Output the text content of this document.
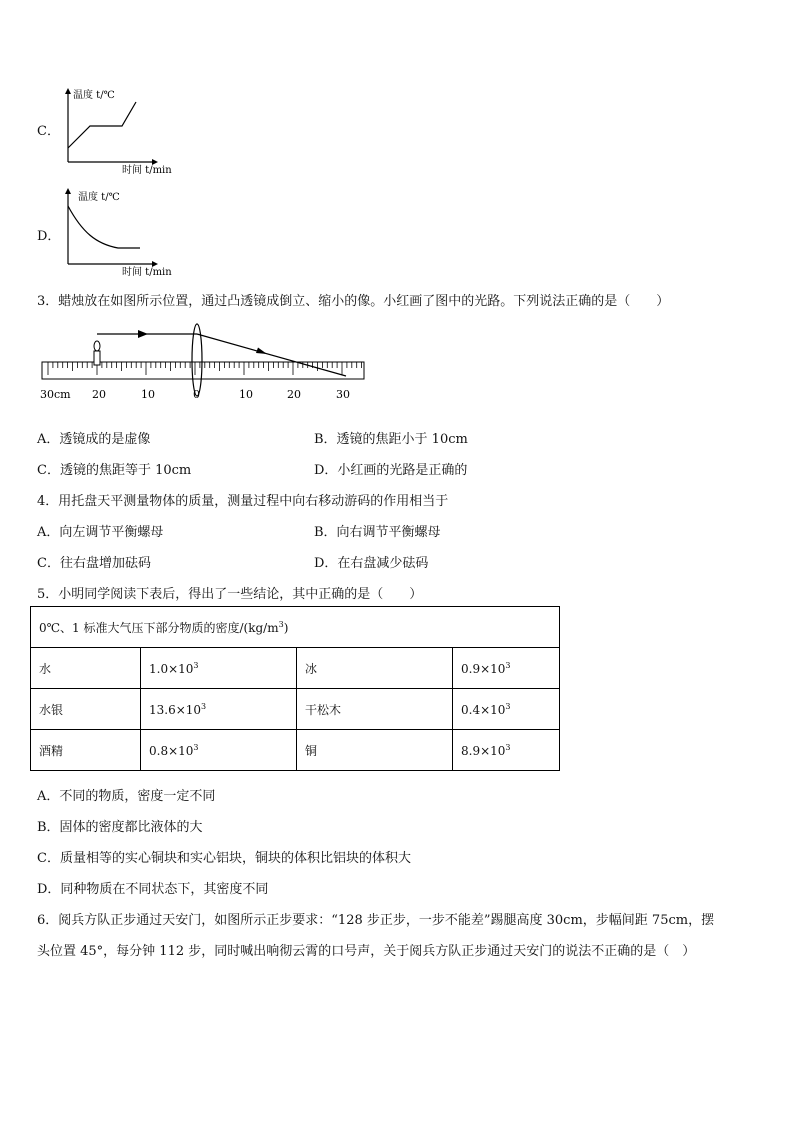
C．
温度 t/℃
时间 t/min
D．
温度 t/℃
时间 t/min
3．蜡烛放在如图所示位置，通过凸透镜成倒立、缩小的像。小红画了图中的光路。下列说法正确的是（　　）
30cm 20	10	0	10	20	30
A．透镜成的是虚像	B．透镜的焦距小于 10cm
C．透镜的焦距等于 10cm	D．小红画的光路是正确的
4．用托盘天平测量物体的质量，测量过程中向右移动游码的作用相当于
A．向左调节平衡螺母	B．向右调节平衡螺母
C．往右盘增加砝码	D．在右盘减少砝码
5．小明同学阅读下表后，得出了一些结论，其中正确的是（　　）
0℃、1 标准大气压下部分物质的密度$/(kg/m^3)$			
水	$1.0\times 10^3$	冰	$0.9\times 10^3$
水银	$13.6\times 10^3$	干松木	$0.4\times 10^3$
酒精	$0.8\times 10^3$	铜	$8.9\times 10^3$
A．不同的物质，密度一定不同
B．固体的密度都比液体的大
C．质量相等的实心铜块和实心铝块，铜块的体积比铝块的体积大
D．同种物质在不同状态下，其密度不同
6．阅兵方队正步通过天安门，如图所示正步要求：“128 步正步，一步不能差”踢腿高度 30cm，步幅间距 75cm，摆
头位置 45°，每分钟 112 步，同时喊出响彻云霄的口号声，关于阅兵方队正步通过天安门的说法不正确的是（　）
